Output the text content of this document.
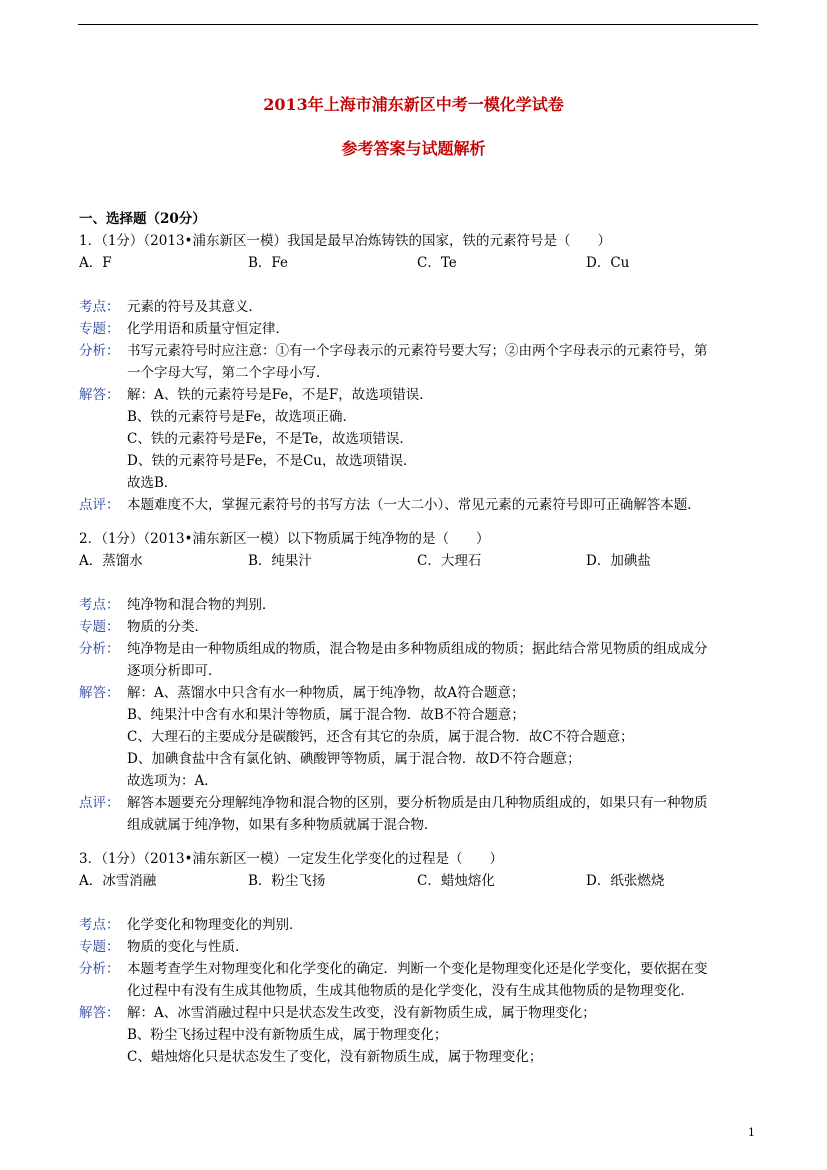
2013年上海市浦东新区中考一模化学试卷
参考答案与试题解析
一、选择题（20分）
1．（1分）（2013•浦东新区一模）我国是最早冶炼铸铁的国家，铁的元素符号是（　　）
A．F	B．Fe	C．Te	D．Cu
考点： 元素的符号及其意义．
专题： 化学用语和质量守恒定律．
分析： 书写元素符号时应注意：①有一个字母表示的元素符号要大写；②由两个字母表示的元素符号，第
一个字母大写，第二个字母小写．
解答： 解：A、铁的元素符号是Fe，不是F，故选项错误．
B、铁的元素符号是Fe，故选项正确．
C、铁的元素符号是Fe，不是Te，故选项错误．
D、铁的元素符号是Fe，不是Cu，故选项错误．
故选B．
点评： 本题难度不大，掌握元素符号的书写方法（一大二小）、常见元素的元素符号即可正确解答本题．
2．（1分）（2013•浦东新区一模）以下物质属于纯净物的是（　　）
A．蒸馏水	B．纯果汁	C．大理石	D．加碘盐
考点： 纯净物和混合物的判别．
专题： 物质的分类．
分析： 纯净物是由一种物质组成的物质，混合物是由多种物质组成的物质；据此结合常见物质的组成成分
逐项分析即可．
解答： 解：A、蒸馏水中只含有水一种物质，属于纯净物，故A符合题意；
B、纯果汁中含有水和果汁等物质，属于混合物．故B不符合题意；
C、大理石的主要成分是碳酸钙，还含有其它的杂质，属于混合物．故C不符合题意；
D、加碘食盐中含有氯化钠、碘酸钾等物质，属于混合物．故D不符合题意；
故选项为：A．
点评： 解答本题要充分理解纯净物和混合物的区别，要分析物质是由几种物质组成的，如果只有一种物质
组成就属于纯净物，如果有多种物质就属于混合物．
3．（1分）（2013•浦东新区一模）一定发生化学变化的过程是（　　）
A．冰雪消融	B．粉尘飞扬	C．蜡烛熔化	D．纸张燃烧
考点： 化学变化和物理变化的判别．
专题： 物质的变化与性质．
分析： 本题考查学生对物理变化和化学变化的确定．判断一个变化是物理变化还是化学变化，要依据在变
化过程中有没有生成其他物质，生成其他物质的是化学变化，没有生成其他物质的是物理变化．
解答： 解：A、冰雪消融过程中只是状态发生改变，没有新物质生成，属于物理变化；
B、粉尘飞扬过程中没有新物质生成，属于物理变化；
C、蜡烛熔化只是状态发生了变化，没有新物质生成，属于物理变化；
1
